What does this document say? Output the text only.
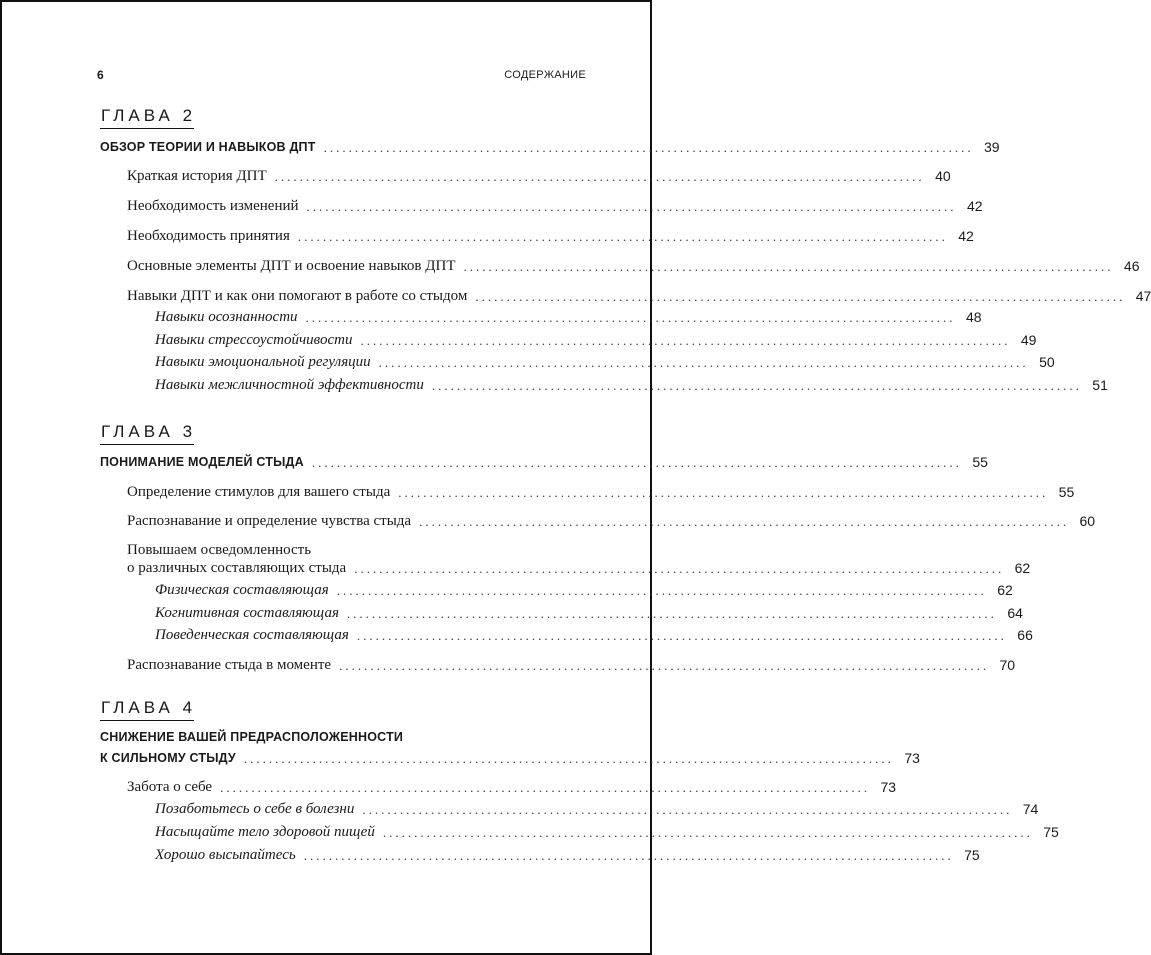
6	СОДЕРЖАНИЕ
ГЛАВА 2
ОБЗОР ТЕОРИИ И НАВЫКОВ ДПТ ........................................................................................................ 39
Краткая история ДПТ ........................................................................................................ 40
Необходимость изменений ........................................................................................................ 42
Необходимость принятия ........................................................................................................ 42
Основные элементы ДПТ и освоение навыков ДПТ ........................................................................................................ 46
Навыки ДПТ и как они помогают в работе со стыдом ........................................................................................................ 47
Навыки осознанности ........................................................................................................ 48
Навыки стрессоустойчивости ........................................................................................................ 49
Навыки эмоциональной регуляции ........................................................................................................ 50
Навыки межличностной эффективности ........................................................................................................ 51
ГЛАВА 3
ПОНИМАНИЕ МОДЕЛЕЙ СТЫДА ........................................................................................................ 55
Определение стимулов для вашего стыда ........................................................................................................ 55
Распознавание и определение чувства стыда ........................................................................................................ 60
Повышаем осведомленность
о различных составляющих стыда ........................................................................................................ 62
Физическая составляющая ........................................................................................................ 62
Когнитивная составляющая ........................................................................................................ 64
Поведенческая составляющая ........................................................................................................ 66
Распознавание стыда в моменте ........................................................................................................ 70
ГЛАВА 4
СНИЖЕНИЕ ВАШЕЙ ПРЕДРАСПОЛОЖЕННОСТИ
К СИЛЬНОМУ СТЫДУ ........................................................................................................ 73
Забота о себе ........................................................................................................ 73
Позаботьтесь о себе в болезни ........................................................................................................ 74
Насыщайте тело здоровой пищей ........................................................................................................ 75
Хорошо высыпайтесь ........................................................................................................ 75
